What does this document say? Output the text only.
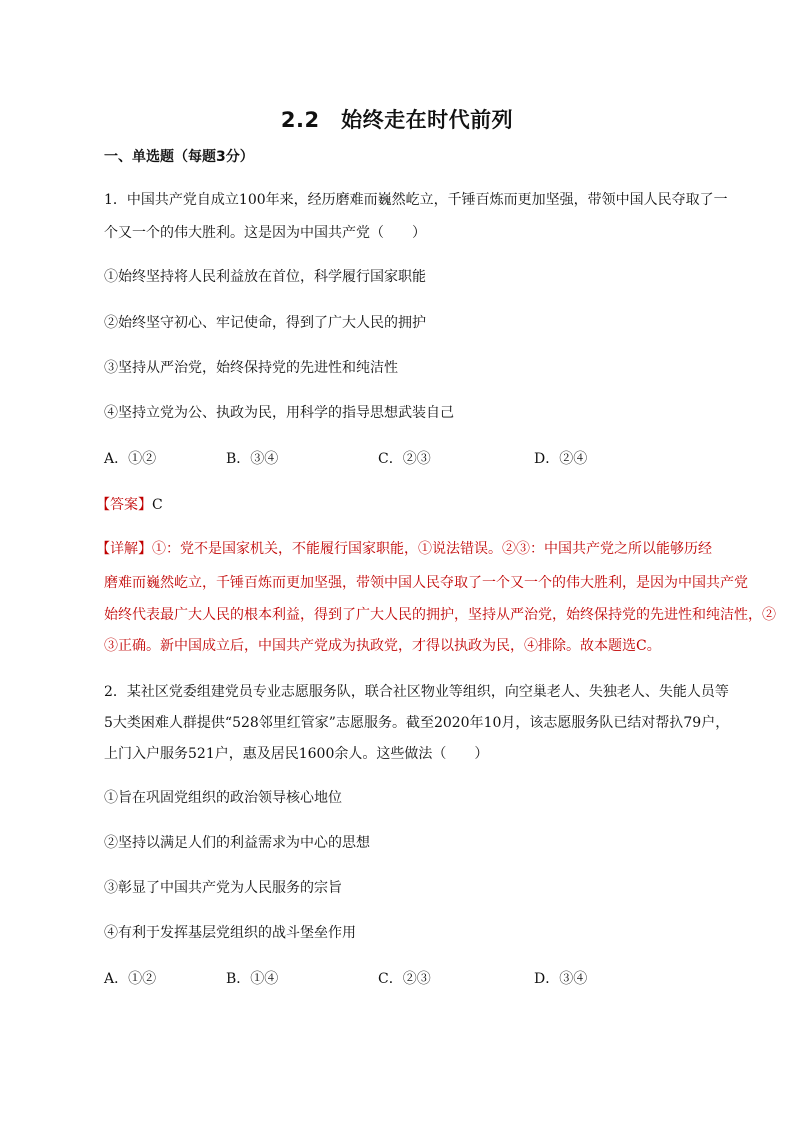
2.2　始终走在时代前列
一、单选题（每题3分）
1．中国共产党自成立100年来，经历磨难而巍然屹立，千锤百炼而更加坚强，带领中国人民夺取了一
个又一个的伟大胜利。这是因为中国共产党（　　）
①始终坚持将人民利益放在首位，科学履行国家职能
②始终坚守初心、牢记使命，得到了广大人民的拥护
③坚持从严治党，始终保持党的先进性和纯洁性
④坚持立党为公、执政为民，用科学的指导思想武装自己
A．①②	B．③④	C．②③	D．②④
【答案】C
【详解】①：党不是国家机关，不能履行国家职能，①说法错误。②③：中国共产党之所以能够历经
磨难而巍然屹立，千锤百炼而更加坚强，带领中国人民夺取了一个又一个的伟大胜利，是因为中国共产党
始终代表最广大人民的根本利益，得到了广大人民的拥护，坚持从严治党，始终保持党的先进性和纯洁性，②
③正确。新中国成立后，中国共产党成为执政党，才得以执政为民，④排除。故本题选C。
2．某社区党委组建党员专业志愿服务队，联合社区物业等组织，向空巢老人、失独老人、失能人员等
5大类困难人群提供“528邻里红管家”志愿服务。截至2020年10月，该志愿服务队已结对帮扖79户，
上门入户服务521户，惠及居民1600余人。这些做法（　　）
①旨在巩固党组织的政治领导核心地位
②坚持以满足人们的利益需求为中心的思想
③彰显了中国共产党为人民服务的宗旨
④有利于发挥基层党组织的战斗堡垒作用
A．①②	B．①④	C．②③	D．③④
